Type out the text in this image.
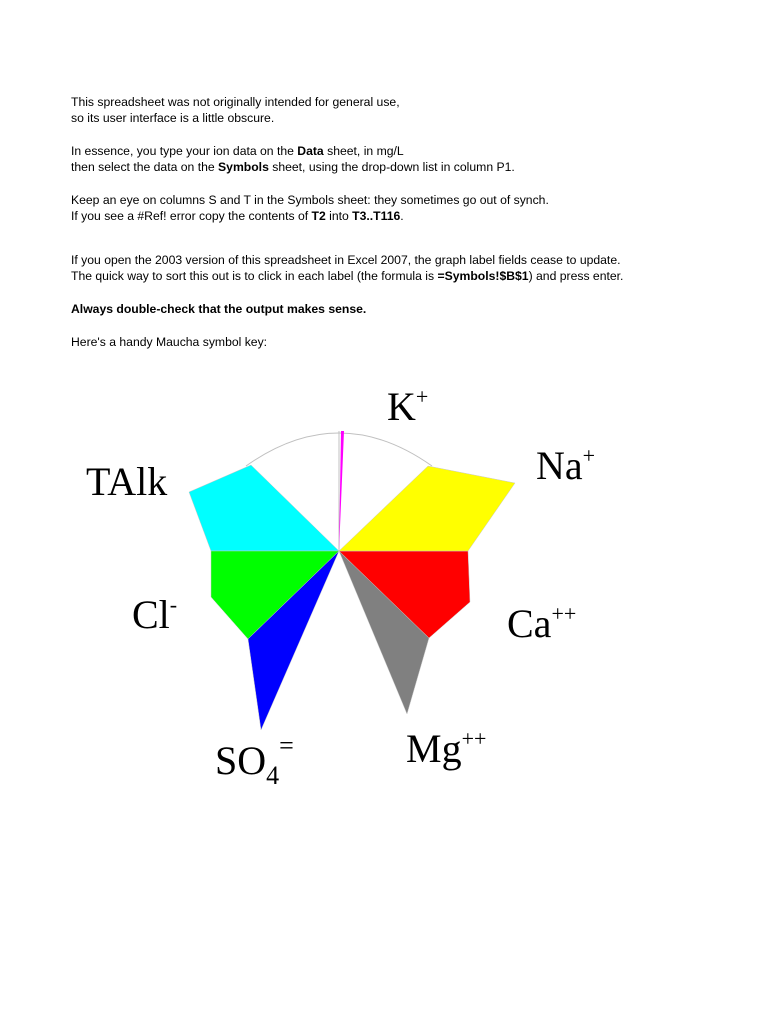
This spreadsheet was not originally intended for general use,

so its user interface is a little obscure.

In essence, you type your ion data on the Data sheet, in mg/L

then select the data on the Symbols sheet, using the drop-down list in column P1.

Keep an eye on columns S and T in the Symbols sheet: they sometimes go out of synch.

If you see a #Ref! error copy the contents of T2 into T3..T116.

If you open the 2003 version of this spreadsheet in Excel 2007, the graph label fields cease to update.

The quick way to sort this out is to click in each label (the formula is =Symbols!$B$1) and press enter.

Always double-check that the output makes sense.

Here's a handy Maucha symbol key:

K+
Na+
TAlk
Cl-	Ca++
Mg++
$SO_4^=$
